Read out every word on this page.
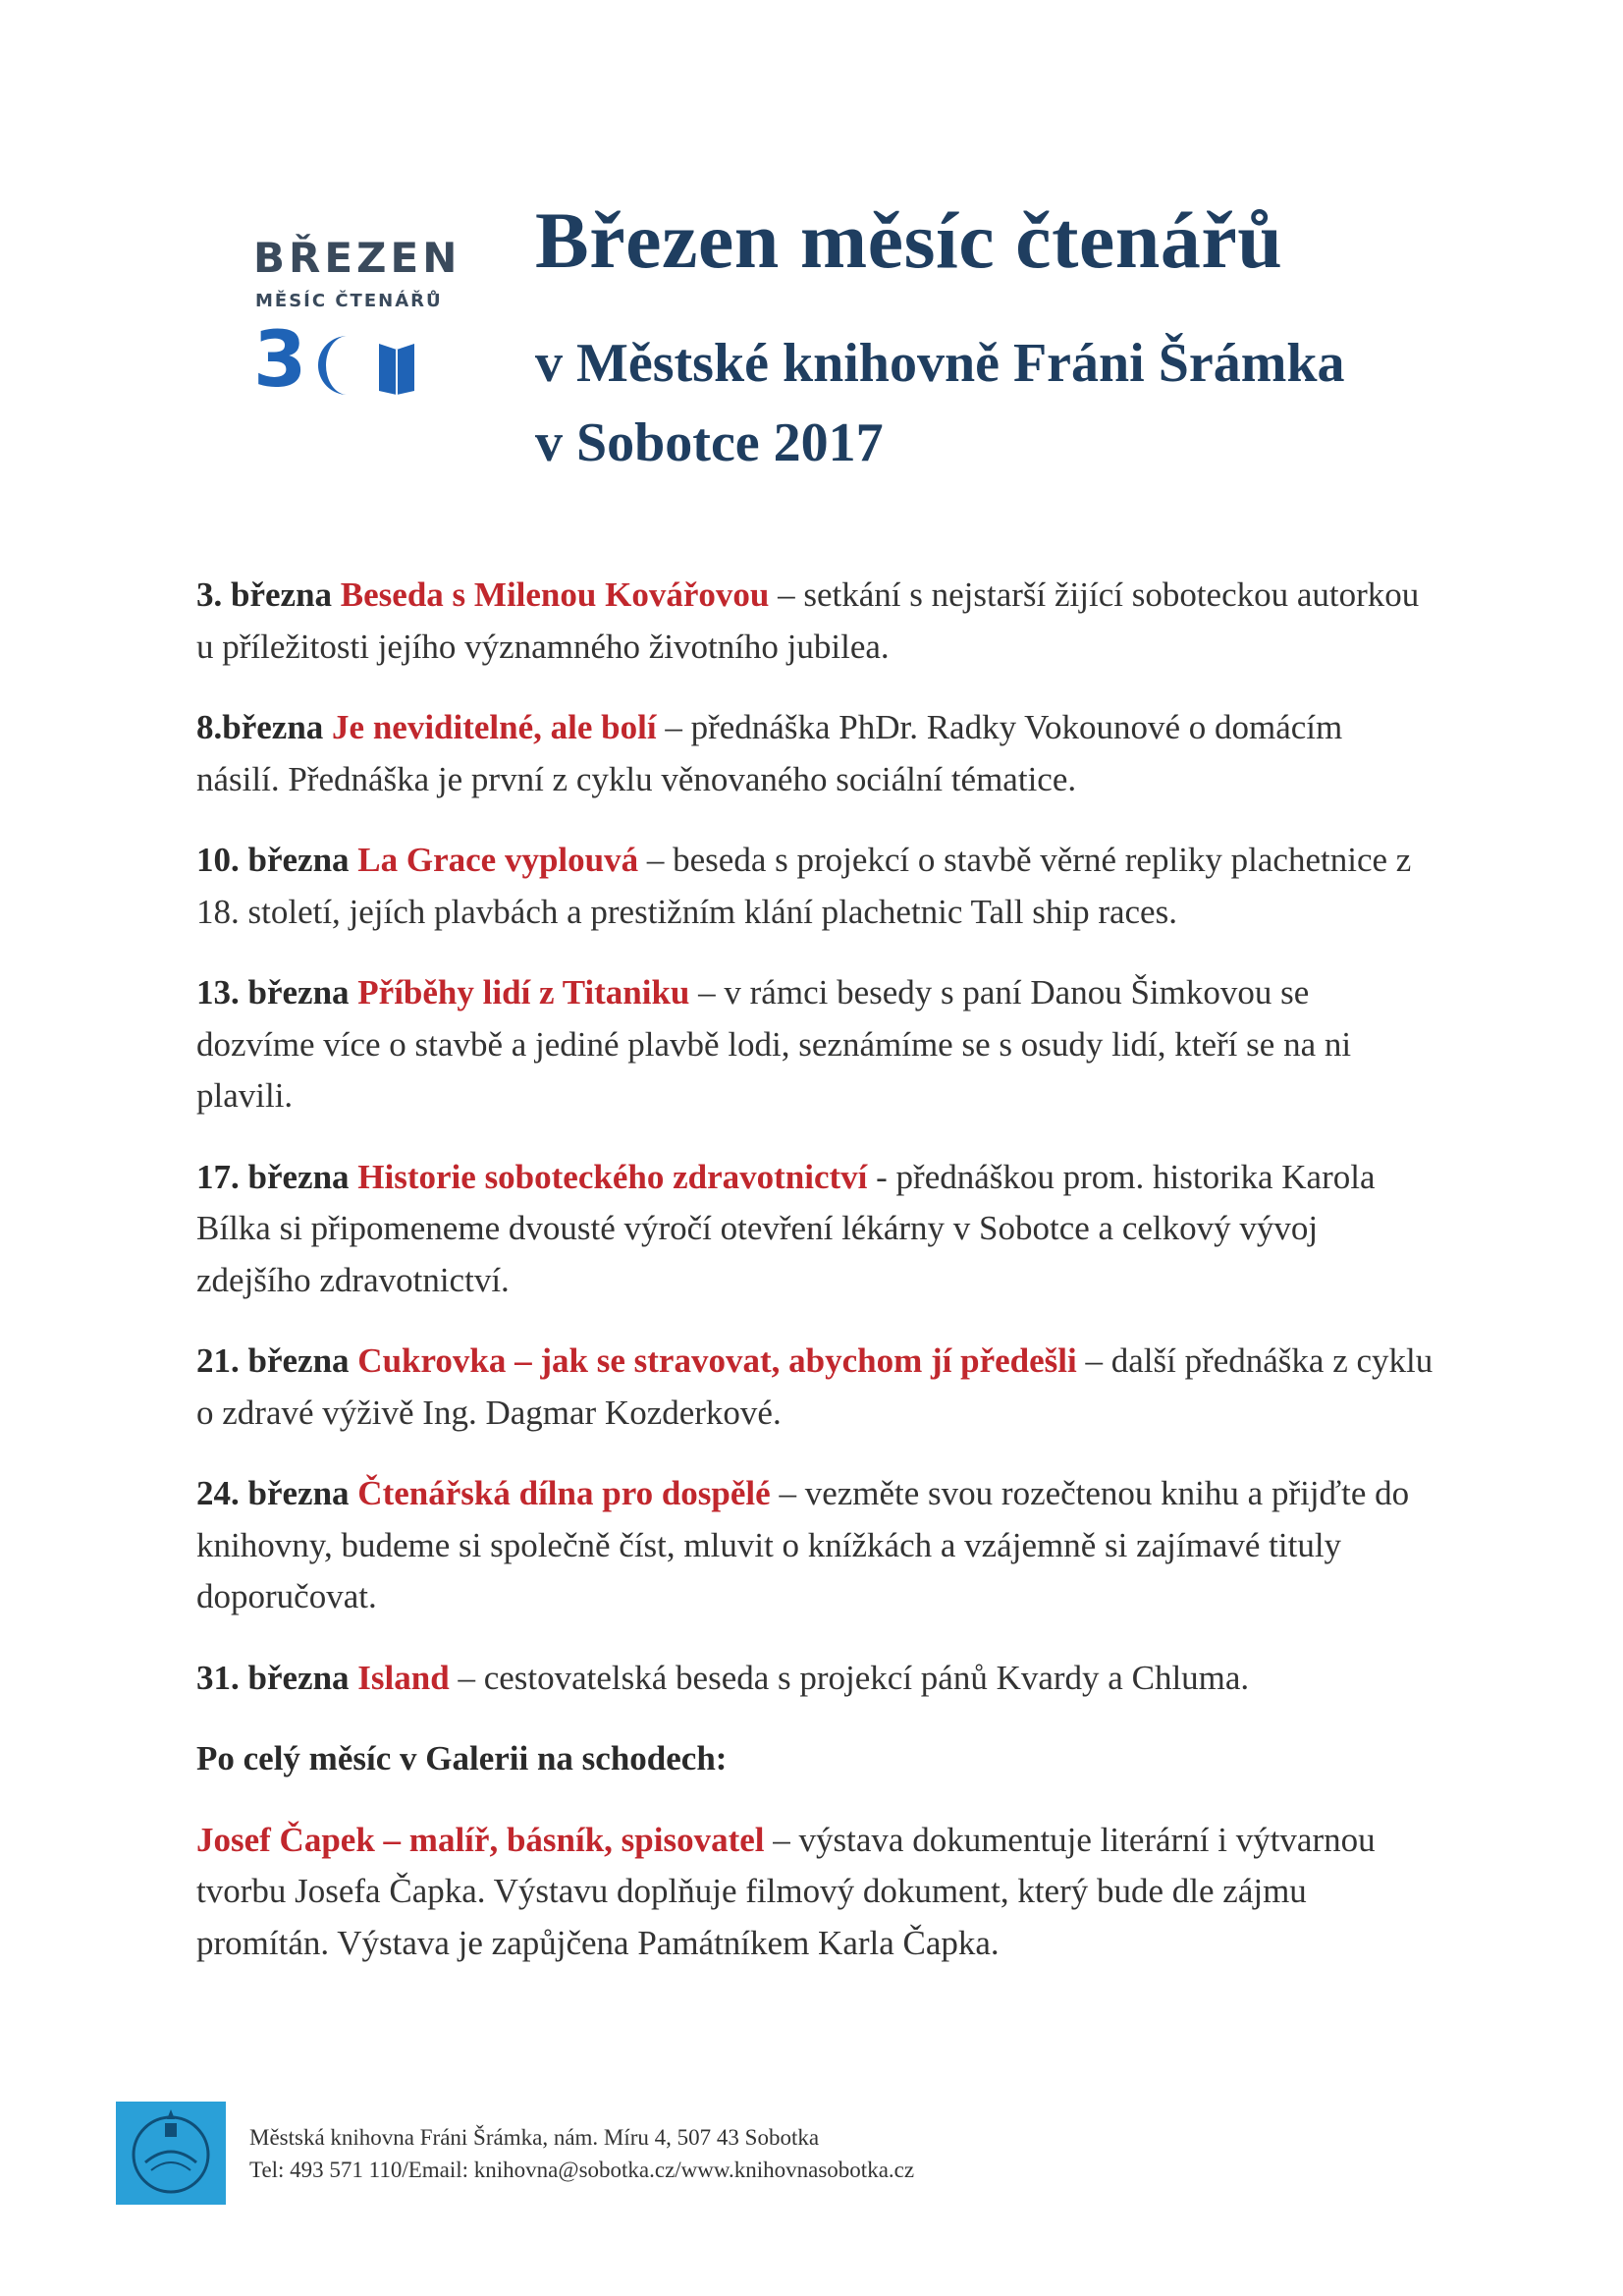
BŘEZEN
MĚSÍC ČTENÁŘŮ
3
Březen měsíc čtenářů
v Městské knihovně Fráni Šrámka
v Sobotce 2017

3. března Beseda s Milenou Kovářovou – setkání s nejstarší žijící soboteckou autorkou u příležitosti jejího významného životního jubilea.

8.března Je neviditelné, ale bolí – přednáška PhDr. Radky Vokounové o domácím násilí. Přednáška je první z cyklu věnovaného sociální tématice.

10. března La Grace vyplouvá – beseda s projekcí o stavbě věrné repliky plachetnice z 18. století, jejích plavbách a prestižním klání plachetnic Tall ship races.

13. března Příběhy lidí z Titaniku – v rámci besedy s paní Danou Šimkovou se dozvíme více o stavbě a jediné plavbě lodi, seznámíme se s osudy lidí, kteří se na ni plavili.

17. března Historie soboteckého zdravotnictví - přednáškou prom. historika Karola Bílka si připomeneme dvousté výročí otevření lékárny v Sobotce a celkový vývoj zdejšího zdravotnictví.

21. března Cukrovka – jak se stravovat, abychom jí předešli – další přednáška z cyklu o zdravé výživě Ing. Dagmar Kozderkové.

24. března Čtenářská dílna pro dospělé – vezměte svou rozečtenou knihu a přijďte do knihovny, budeme si společně číst, mluvit o knížkách a vzájemně si zajímavé tituly doporučovat.

31. března Island – cestovatelská beseda s projekcí pánů Kvardy a Chluma.

Po celý měsíc v Galerii na schodech:

Josef Čapek – malíř, básník, spisovatel – výstava dokumentuje literární i výtvarnou tvorbu Josefa Čapka. Výstavu doplňuje filmový dokument, který bude dle zájmu promítán. Výstava je zapůjčena Památníkem Karla Čapka.

Městská knihovna Fráni Šrámka, nám. Míru 4, 507 43 Sobotka
Tel: 493 571 110/Email: knihovna@sobotka.cz/www.knihovnasobotka.cz
